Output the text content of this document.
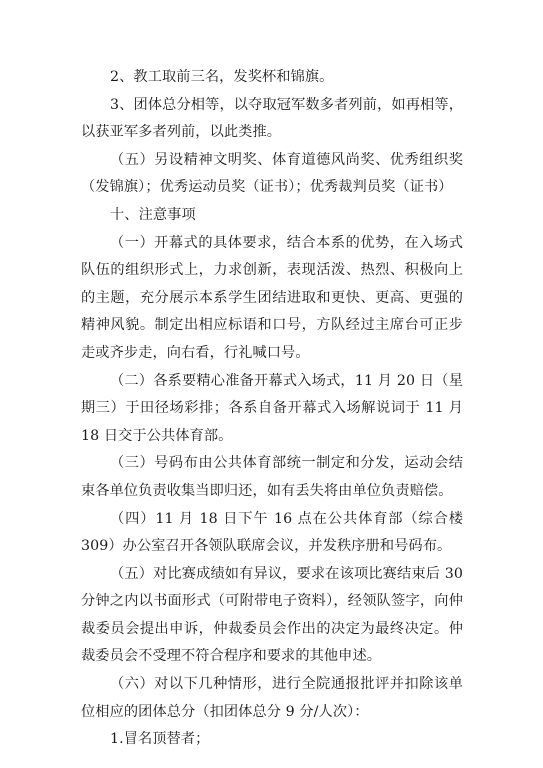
2、教工取前三名，发奖杯和锦旗。

3、团体总分相等，以夺取冠军数多者列前，如再相等，以获亚军多者列前，以此类推。

（五）另设精神文明奖、体育道德风尚奖、优秀组织奖（发锦旗）；优秀运动员奖（证书）；优秀裁判员奖（证书）

十、注意事项

（一）开幕式的具体要求，结合本系的优势，在入场式队伍的组织形式上，力求创新，表现活泼、热烈、积极向上的主题，充分展示本系学生团结进取和更快、更高、更强的精神风貌。制定出相应标语和口号，方队经过主席台可正步走或齐步走，向右看，行礼喊口号。

（二）各系要精心准备开幕式入场式，11 月 20 日（星期三）于田径场彩排；各系自备开幕式入场解说词于 11 月 18 日交于公共体育部。

（三）号码布由公共体育部统一制定和分发，运动会结束各单位负责收集当即归还，如有丢失将由单位负责赔偿。

（四）11 月 18 日下午 16 点在公共体育部（综合楼 309）办公室召开各领队联席会议，并发秩序册和号码布。

（五）对比赛成绩如有异议，要求在该项比赛结束后 30 分钟之内以书面形式（可附带电子资料），经领队签字，向仲裁委员会提出申诉，仲裁委员会作出的决定为最终决定。仲裁委员会不受理不符合程序和要求的其他申述。

（六）对以下几种情形，进行全院通报批评并扣除该单位相应的团体总分（扣团体总分 9 分/人次）：

1.冒名顶替者；
